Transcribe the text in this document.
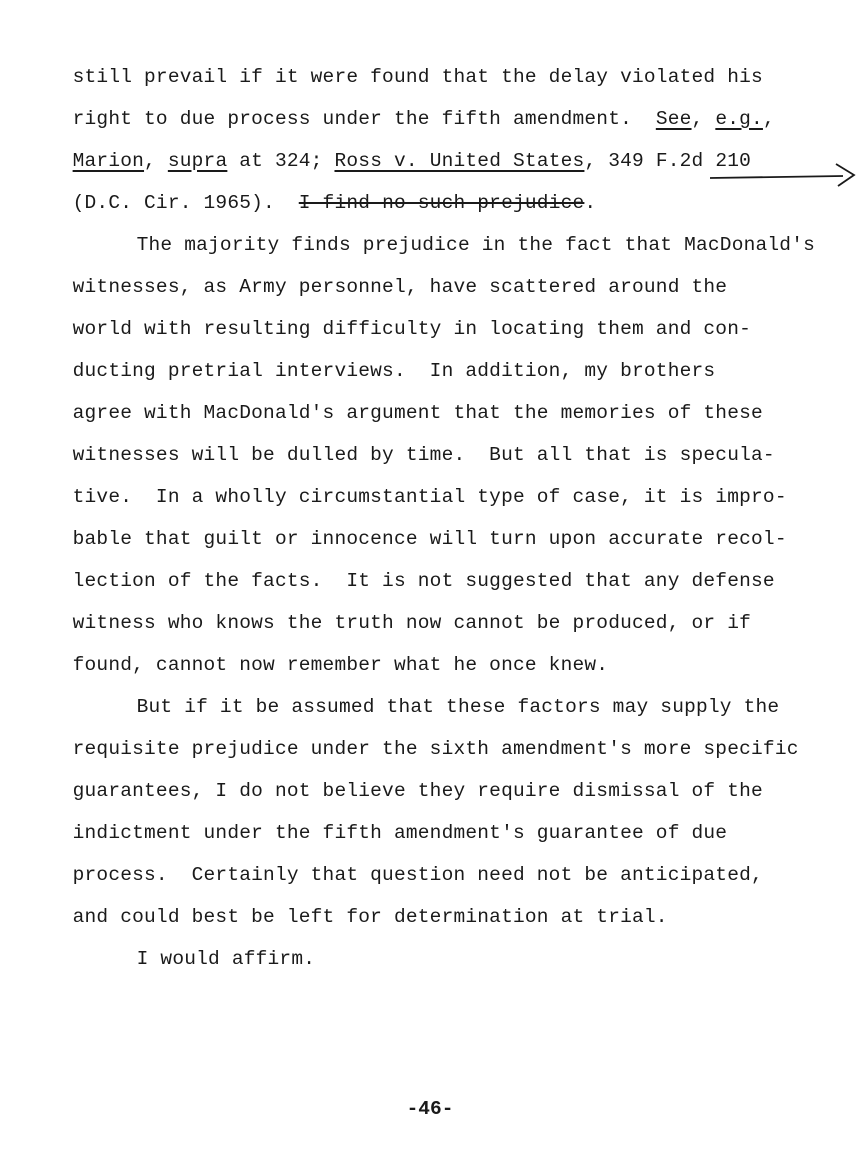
still prevail if it were found that the delay violated his

right to due process under the fifth amendment.  See, e.g.,

Marion, supra at 324; Ross v. United States, 349 F.2d 210

(D.C. Cir. 1965).  I find no such prejudice.

The majority finds prejudice in the fact that MacDonald's

witnesses, as Army personnel, have scattered around the

world with resulting difficulty in locating them and con-

ducting pretrial interviews.  In addition, my brothers

agree with MacDonald's argument that the memories of these

witnesses will be dulled by time.  But all that is specula-

tive.  In a wholly circumstantial type of case, it is impro-

bable that guilt or innocence will turn upon accurate recol-

lection of the facts.  It is not suggested that any defense

witness who knows the truth now cannot be produced, or if

found, cannot now remember what he once knew.

But if it be assumed that these factors may supply the

requisite prejudice under the sixth amendment's more specific

guarantees, I do not believe they require dismissal of the

indictment under the fifth amendment's guarantee of due

process.  Certainly that question need not be anticipated,

and could best be left for determination at trial.

I would affirm.

-46-
